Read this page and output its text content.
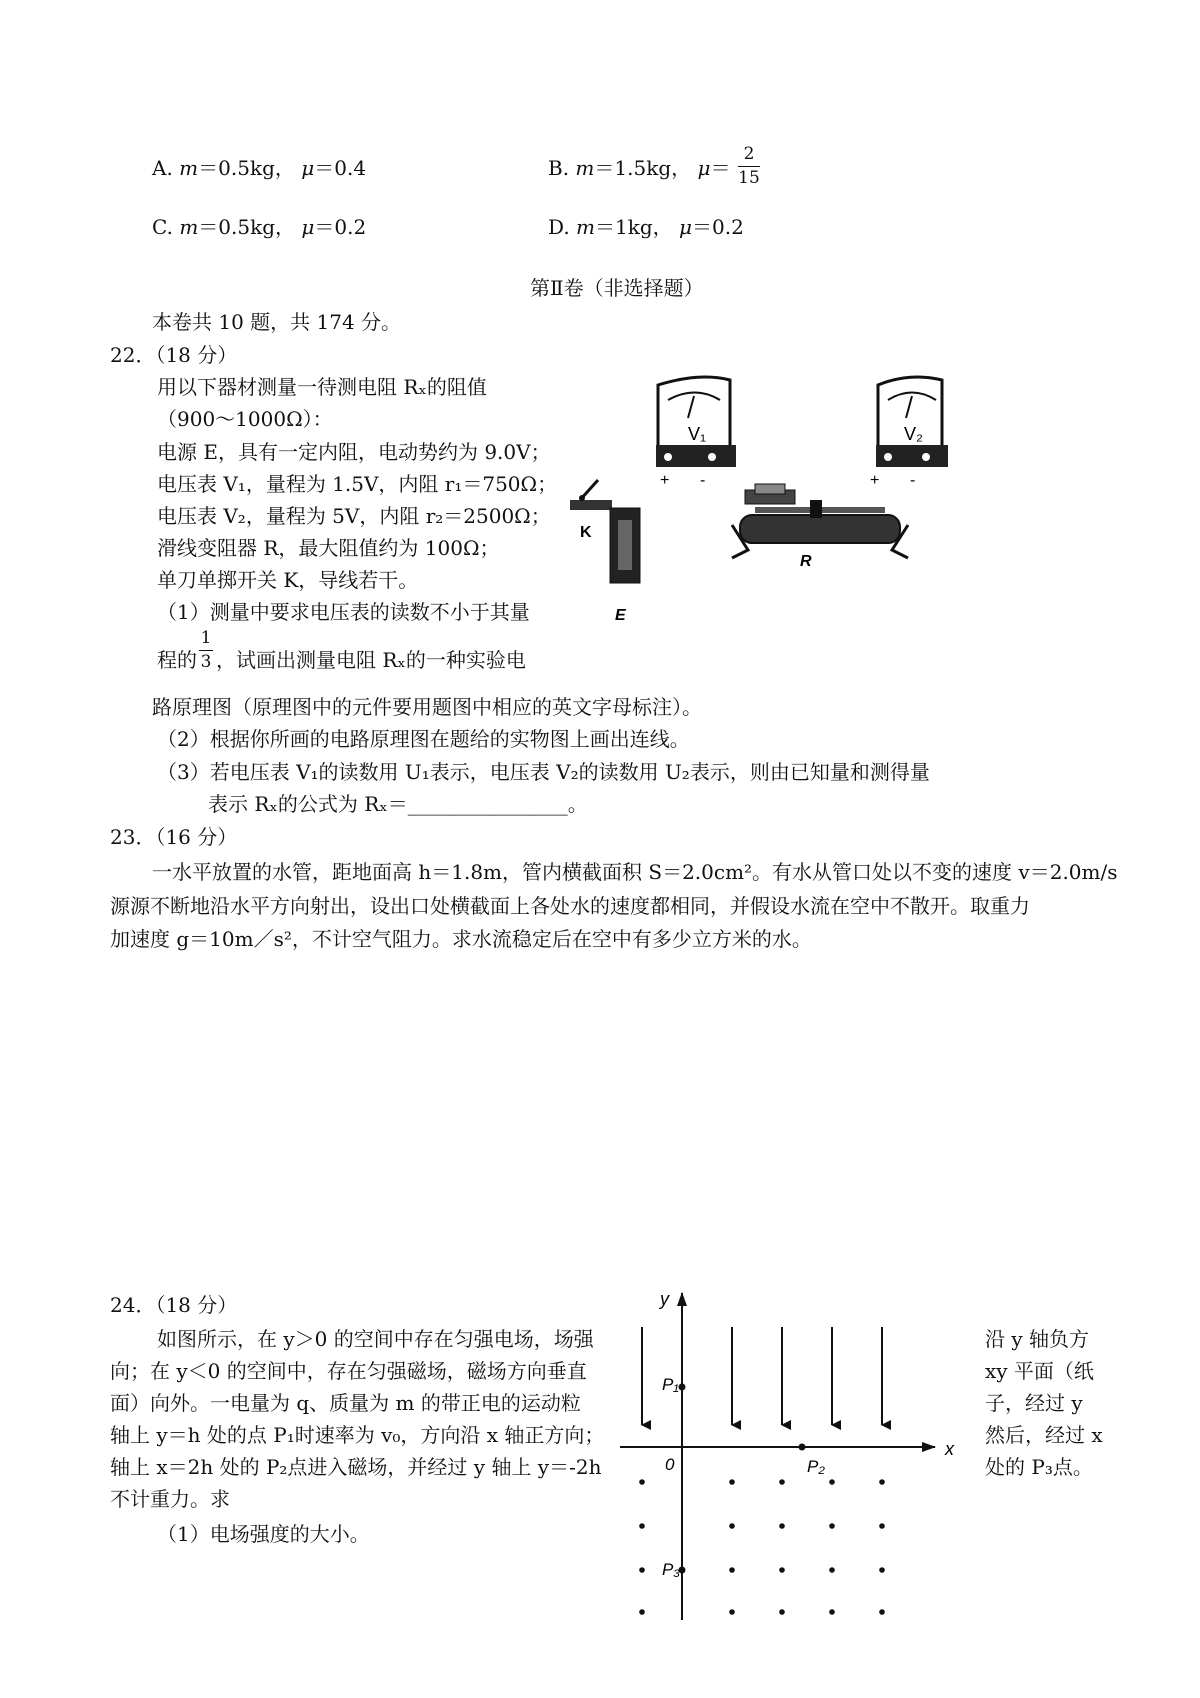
A. m＝0.5kg， μ＝0.4	B. m＝1.5kg， μ＝
2
15
C. m＝0.5kg， μ＝0.2	D. m＝1kg， μ＝0.2
第Ⅱ卷（非选择题）
本卷共 10 题，共 174 分。
22．（18 分）
用以下器材测量一待测电阻 Rₓ的阻值
（900～1000Ω）：
电源 E，具有一定内阻，电动势约为 9.0V；
电压表 V₁，量程为 1.5V，内阻 r₁＝750Ω；
电压表 V₂，量程为 5V，内阻 r₂＝2500Ω；
滑线变阻器 R，最大阻值约为 100Ω；
单刀单掷开关 K，导线若干。
（1）测量中要求电压表的读数不小于其量
程的
1
3 ，试画出测量电阻 Rₓ的一种实验电
路原理图（原理图中的元件要用题图中相应的英文字母标注）。
（2）根据你所画的电路原理图在题给的实物图上画出连线。
（3）若电压表 V₁的读数用 U₁表示，电压表 V₂的读数用 U₂表示，则由已知量和测得量
表示 Rₓ的公式为 Rₓ＝________________。
V₁
+ -
V₂
+ -
K
E
R
23．（16 分）
一水平放置的水管，距地面高 h＝1.8m，管内横截面积 S＝2.0cm²。有水从管口处以不变的速度 v＝2.0m/s
源源不断地沿水平方向射出，设出口处横截面上各处水的速度都相同，并假设水流在空中不散开。取重力
加速度 g＝10m／s²，不计空气阻力。求水流稳定后在空中有多少立方米的水。
24．（18 分）
如图所示，在 y＞0 的空间中存在匀强电场，场强
向；在 y＜0 的空间中，存在匀强磁场，磁场方向垂直
面）向外。一电量为 q、质量为 m 的带正电的运动粒
轴上 y＝h 处的点 P₁时速率为 v₀，方向沿 x 轴正方向；
轴上 x＝2h 处的 P₂点进入磁场，并经过 y 轴上 y＝-2h
不计重力。求
（1）电场强度的大小。
沿 y 轴负方
xy 平面（纸
子，经过 y
然后，经过 x
处的 P₃点。
y
x
0
P₁
P₂
P₃
